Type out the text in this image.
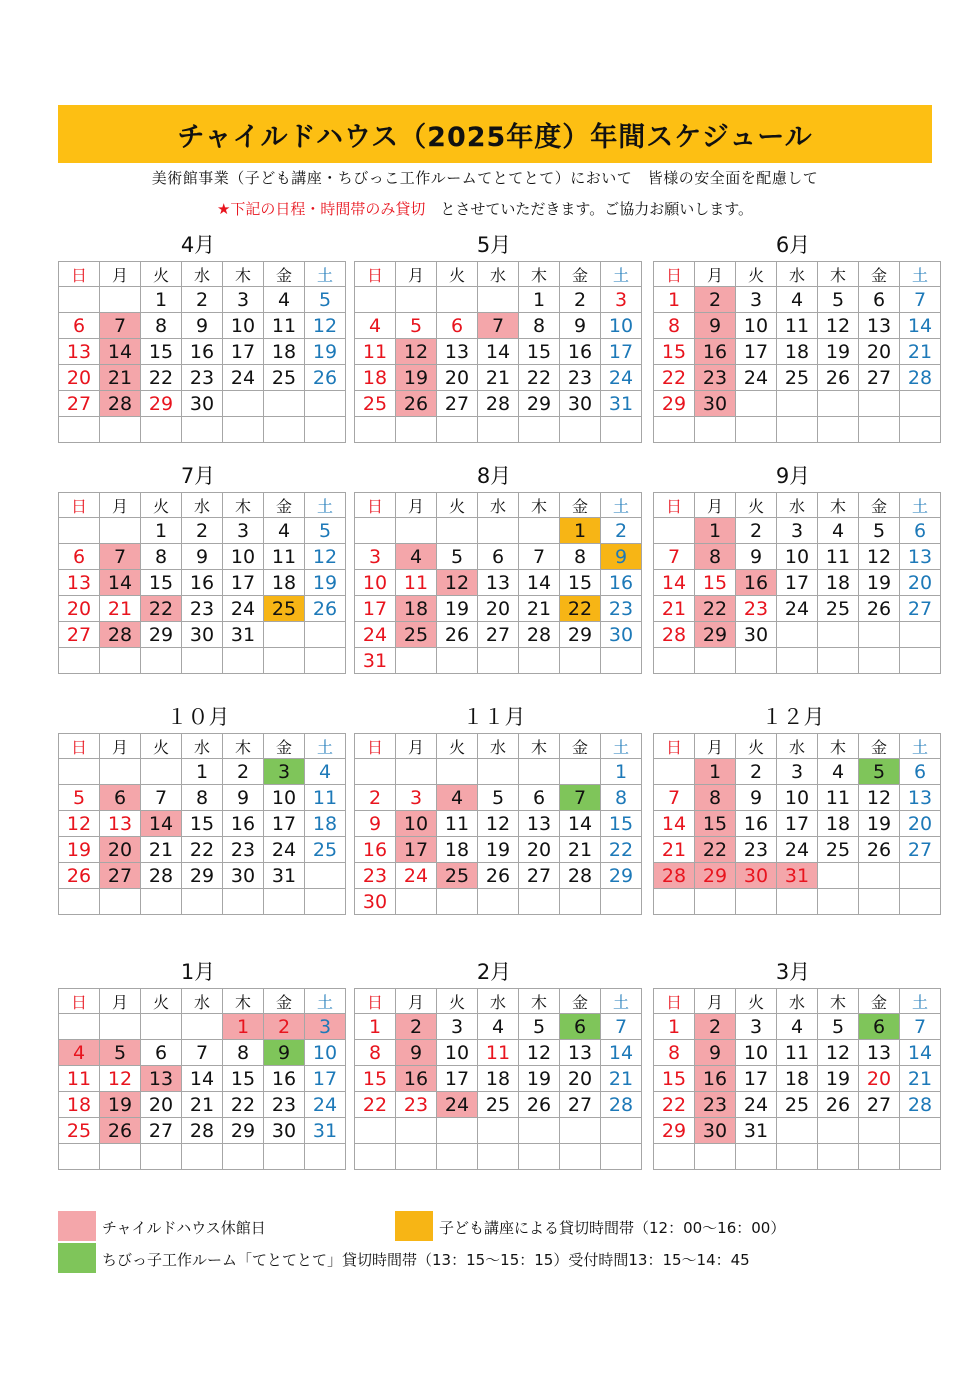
チャイルドハウス（2025年度）年間スケジュール
美術館事業（子ども講座・ちびっこ工作ルームてとてとて）において　皆様の安全面を配慮して
★下記の日程・時間帯のみ貸切　とさせていただきます。ご協力お願いします。
4月
日	月	火	水	木	金	土
		1	2	3	4	5
6	7	8	9	10	11	12
13	14	15	16	17	18	19
20	21	22	23	24	25	26
27	28	29	30			

5月
日	月	火	水	木	金	土
				1	2	3
4	5	6	7	8	9	10
11	12	13	14	15	16	17
18	19	20	21	22	23	24
25	26	27	28	29	30	31

6月
日	月	火	水	木	金	土
1	2	3	4	5	6	7
8	9	10	11	12	13	14
15	16	17	18	19	20	21
22	23	24	25	26	27	28
29	30					

7月
日	月	火	水	木	金	土
		1	2	3	4	5
6	7	8	9	10	11	12
13	14	15	16	17	18	19
20	21	22	23	24	25	26
27	28	29	30	31		

8月
日	月	火	水	木	金	土
					1	2
3	4	5	6	7	8	9
10	11	12	13	14	15	16
17	18	19	20	21	22	23
24	25	26	27	28	29	30
31						
9月
日	月	火	水	木	金	土
	1	2	3	4	5	6
7	8	9	10	11	12	13
14	15	16	17	18	19	20
21	22	23	24	25	26	27
28	29	30				

１０月
日	月	火	水	木	金	土
			1	2	3	4
5	6	7	8	9	10	11
12	13	14	15	16	17	18
19	20	21	22	23	24	25
26	27	28	29	30	31	

１１月
日	月	火	水	木	金	土
						1
2	3	4	5	6	7	8
9	10	11	12	13	14	15
16	17	18	19	20	21	22
23	24	25	26	27	28	29
30						
１２月
日	月	火	水	木	金	土
	1	2	3	4	5	6
7	8	9	10	11	12	13
14	15	16	17	18	19	20
21	22	23	24	25	26	27
28	29	30	31			

1月
日	月	火	水	木	金	土
				1	2	3
4	5	6	7	8	9	10
11	12	13	14	15	16	17
18	19	20	21	22	23	24
25	26	27	28	29	30	31

2月
日	月	火	水	木	金	土
1	2	3	4	5	6	7
8	9	10	11	12	13	14
15	16	17	18	19	20	21
22	23	24	25	26	27	28

3月
日	月	火	水	木	金	土
1	2	3	4	5	6	7
8	9	10	11	12	13	14
15	16	17	18	19	20	21
22	23	24	25	26	27	28
29	30	31				

チャイルドハウス休館日	子ども講座による貸切時間帯（12：00～16：00）
ちびっ子工作ルーム「てとてとて」貸切時間帯（13：15～15：15）受付時間13：15～14：45
